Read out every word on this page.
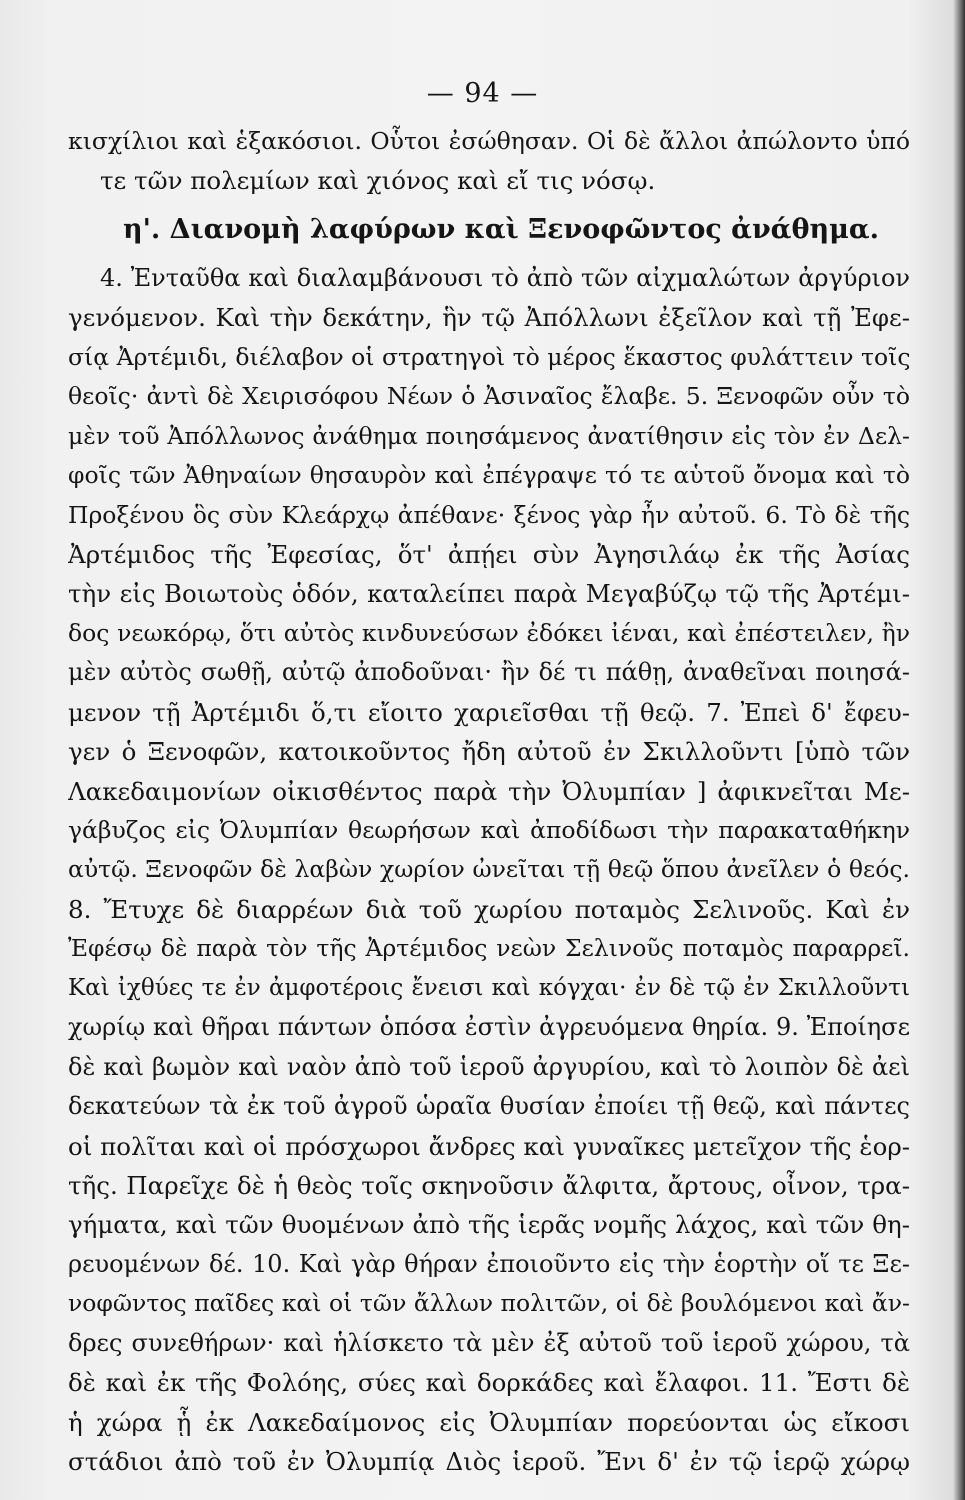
— 94 —
κισχίλιοι καὶ ἑξακόσιοι. Οὗτοι ἐσώθησαν. Οἱ δὲ ἄλλοι ἀπώλοντο ὑπό
τε τῶν πολεμίων καὶ χιόνος καὶ εἴ τις νόσῳ.
η'. Διανομὴ λαφύρων καὶ Ξενοφῶντος ἀνάθημα.
4. Ἐνταῦθα καὶ διαλαμβάνουσι τὸ ἀπὸ τῶν αἰχμαλώτων ἀργύριον
γενόμενον. Καὶ τὴν δεκάτην, ἣν τῷ Ἀπόλλωνι ἐξεῖλον καὶ τῇ Ἐφε-
σίᾳ Ἀρτέμιδι, διέλαβον οἱ στρατηγοὶ τὸ μέρος ἕκαστος φυλάττειν τοῖς
θεοῖς· ἀντὶ δὲ Χειρισόφου Νέων ὁ Ἀσιναῖος ἔλαβε. 5. Ξενοφῶν οὖν τὸ
μὲν τοῦ Ἀπόλλωνος ἀνάθημα ποιησάμενος ἀνατίθησιν εἰς τὸν ἐν Δελ-
φοῖς τῶν Ἀθηναίων θησαυρὸν καὶ ἐπέγραψε τό τε αὑτοῦ ὄνομα καὶ τὸ
Προξένου ὃς σὺν Κλεάρχῳ ἀπέθανε· ξένος γὰρ ἦν αὐτοῦ. 6. Τὸ δὲ τῆς
Ἀρτέμιδος τῆς Ἐφεσίας, ὅτ' ἀπῄει σὺν Ἀγησιλάῳ ἐκ τῆς Ἀσίας
τὴν εἰς Βοιωτοὺς ὁδόν, καταλείπει παρὰ Μεγαβύζῳ τῷ τῆς Ἀρτέμι-
δος νεωκόρῳ, ὅτι αὐτὸς κινδυνεύσων ἐδόκει ἰέναι, καὶ ἐπέστειλεν, ἢν
μὲν αὐτὸς σωθῇ, αὐτῷ ἀποδοῦναι· ἢν δέ τι πάθῃ, ἀναθεῖναι ποιησά-
μενον τῇ Ἀρτέμιδι ὅ,τι εἴοιτο χαριεῖσθαι τῇ θεῷ. 7. Ἐπεὶ δ' ἔφευ-
γεν ὁ Ξενοφῶν, κατοικοῦντος ἤδη αὐτοῦ ἐν Σκιλλοῦντι [ὑπὸ τῶν
Λακεδαιμονίων οἰκισθέντος παρὰ τὴν Ὀλυμπίαν ] ἀφικνεῖται Με-
γάβυζος εἰς Ὀλυμπίαν θεωρήσων καὶ ἀποδίδωσι τὴν παρακαταθήκην
αὐτῷ. Ξενοφῶν δὲ λαβὼν χωρίον ὠνεῖται τῇ θεῷ ὅπου ἀνεῖλεν ὁ θεός.
8. Ἔτυχε δὲ διαρρέων διὰ τοῦ χωρίου ποταμὸς Σελινοῦς. Καὶ ἐν
Ἐφέσῳ δὲ παρὰ τὸν τῆς Ἀρτέμιδος νεὼν Σελινοῦς ποταμὸς παραρρεῖ.
Καὶ ἰχθύες τε ἐν ἀμφοτέροις ἔνεισι καὶ κόγχαι· ἐν δὲ τῷ ἐν Σκιλλοῦντι
χωρίῳ καὶ θῆραι πάντων ὁπόσα ἐστὶν ἀγρευόμενα θηρία. 9. Ἐποίησε
δὲ καὶ βωμὸν καὶ ναὸν ἀπὸ τοῦ ἱεροῦ ἀργυρίου, καὶ τὸ λοιπὸν δὲ ἀεὶ
δεκατεύων τὰ ἐκ τοῦ ἀγροῦ ὡραῖα θυσίαν ἐποίει τῇ θεῷ, καὶ πάντες
οἱ πολῖται καὶ οἱ πρόσχωροι ἄνδρες καὶ γυναῖκες μετεῖχον τῆς ἑορ-
τῆς. Παρεῖχε δὲ ἡ θεὸς τοῖς σκηνοῦσιν ἄλφιτα, ἄρτους, οἶνον, τρα-
γήματα, καὶ τῶν θυομένων ἀπὸ τῆς ἱερᾶς νομῆς λάχος, καὶ τῶν θη-
ρευομένων δέ. 10. Καὶ γὰρ θήραν ἐποιοῦντο εἰς τὴν ἑορτὴν οἵ τε Ξε-
νοφῶντος παῖδες καὶ οἱ τῶν ἄλλων πολιτῶν, οἱ δὲ βουλόμενοι καὶ ἄν-
δρες συνεθήρων· καὶ ἡλίσκετο τὰ μὲν ἐξ αὐτοῦ τοῦ ἱεροῦ χώρου, τὰ
δὲ καὶ ἐκ τῆς Φολόης, σύες καὶ δορκάδες καὶ ἔλαφοι. 11. Ἔστι δὲ
ἡ χώρα ᾗ ἐκ Λακεδαίμονος εἰς Ὀλυμπίαν πορεύονται ὡς εἴκοσι
στάδιοι ἀπὸ τοῦ ἐν Ὀλυμπίᾳ Διὸς ἱεροῦ. Ἔνι δ' ἐν τῷ ἱερῷ χώρῳ
